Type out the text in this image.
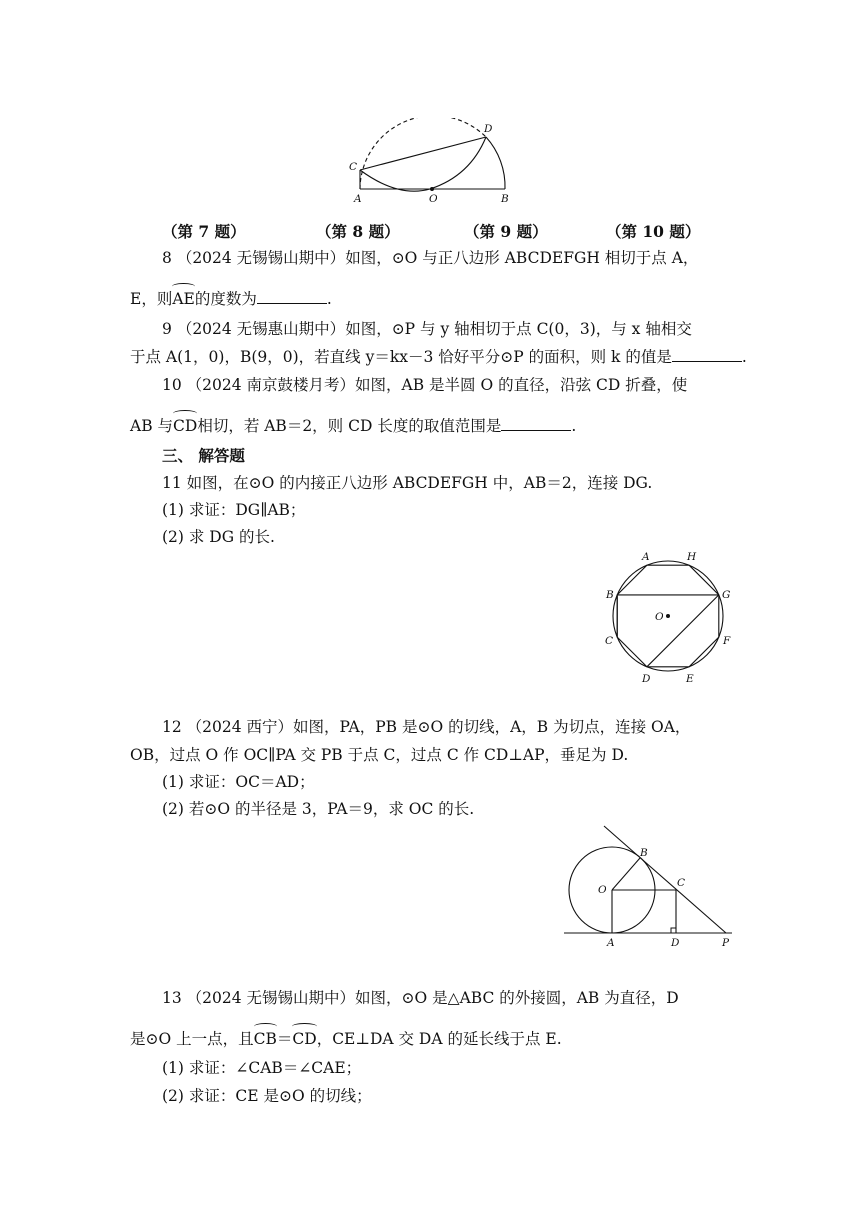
A	O	B
C
D
（第 7 题）	（第 8 题）	（第 9 题）	（第 10 题）
8 （2024 无锡锡山期中）如图，⊙O 与正八边形 ABCDEFGH 相切于点 A，
E，则AE的度数为	.
9 （2024 无锡惠山期中）如图，⊙P 与 y 轴相切于点 C(0，3)，与 x 轴相交
于点 A(1，0)，B(9，0)，若直线 y＝kx－3 恰好平分⊙P 的面积，则 k 的值是	.
10 （2024 南京鼓楼月考）如图，AB 是半圆 O 的直径，沿弦 CD 折叠，使
AB 与CD相切，若 AB＝2，则 CD 长度的取值范围是	.
三、 解答题
11 如图，在⊙O 的内接正八边形 ABCDEFGH 中，AB＝2，连接 DG.
(1) 求证：DG∥AB；
(2) 求 DG 的长.
A	H
B	G
O
C	F
D	E
12 （2024 西宁）如图，PA，PB 是⊙O 的切线，A，B 为切点，连接 OA，
OB，过点 O 作 OC∥PA 交 PB 于点 C，过点 C 作 CD⊥AP，垂足为 D.
(1) 求证：OC＝AD；
(2) 若⊙O 的半径是 3，PA＝9，求 OC 的长.
B
O
C
A	D	P
13 （2024 无锡锡山期中）如图，⊙O 是△ABC 的外接圆，AB 为直径，D
是⊙O 上一点，且CB＝CD，CE⊥DA 交 DA 的延长线于点 E.
(1) 求证：∠CAB＝∠CAE；
(2) 求证：CE 是⊙O 的切线；
